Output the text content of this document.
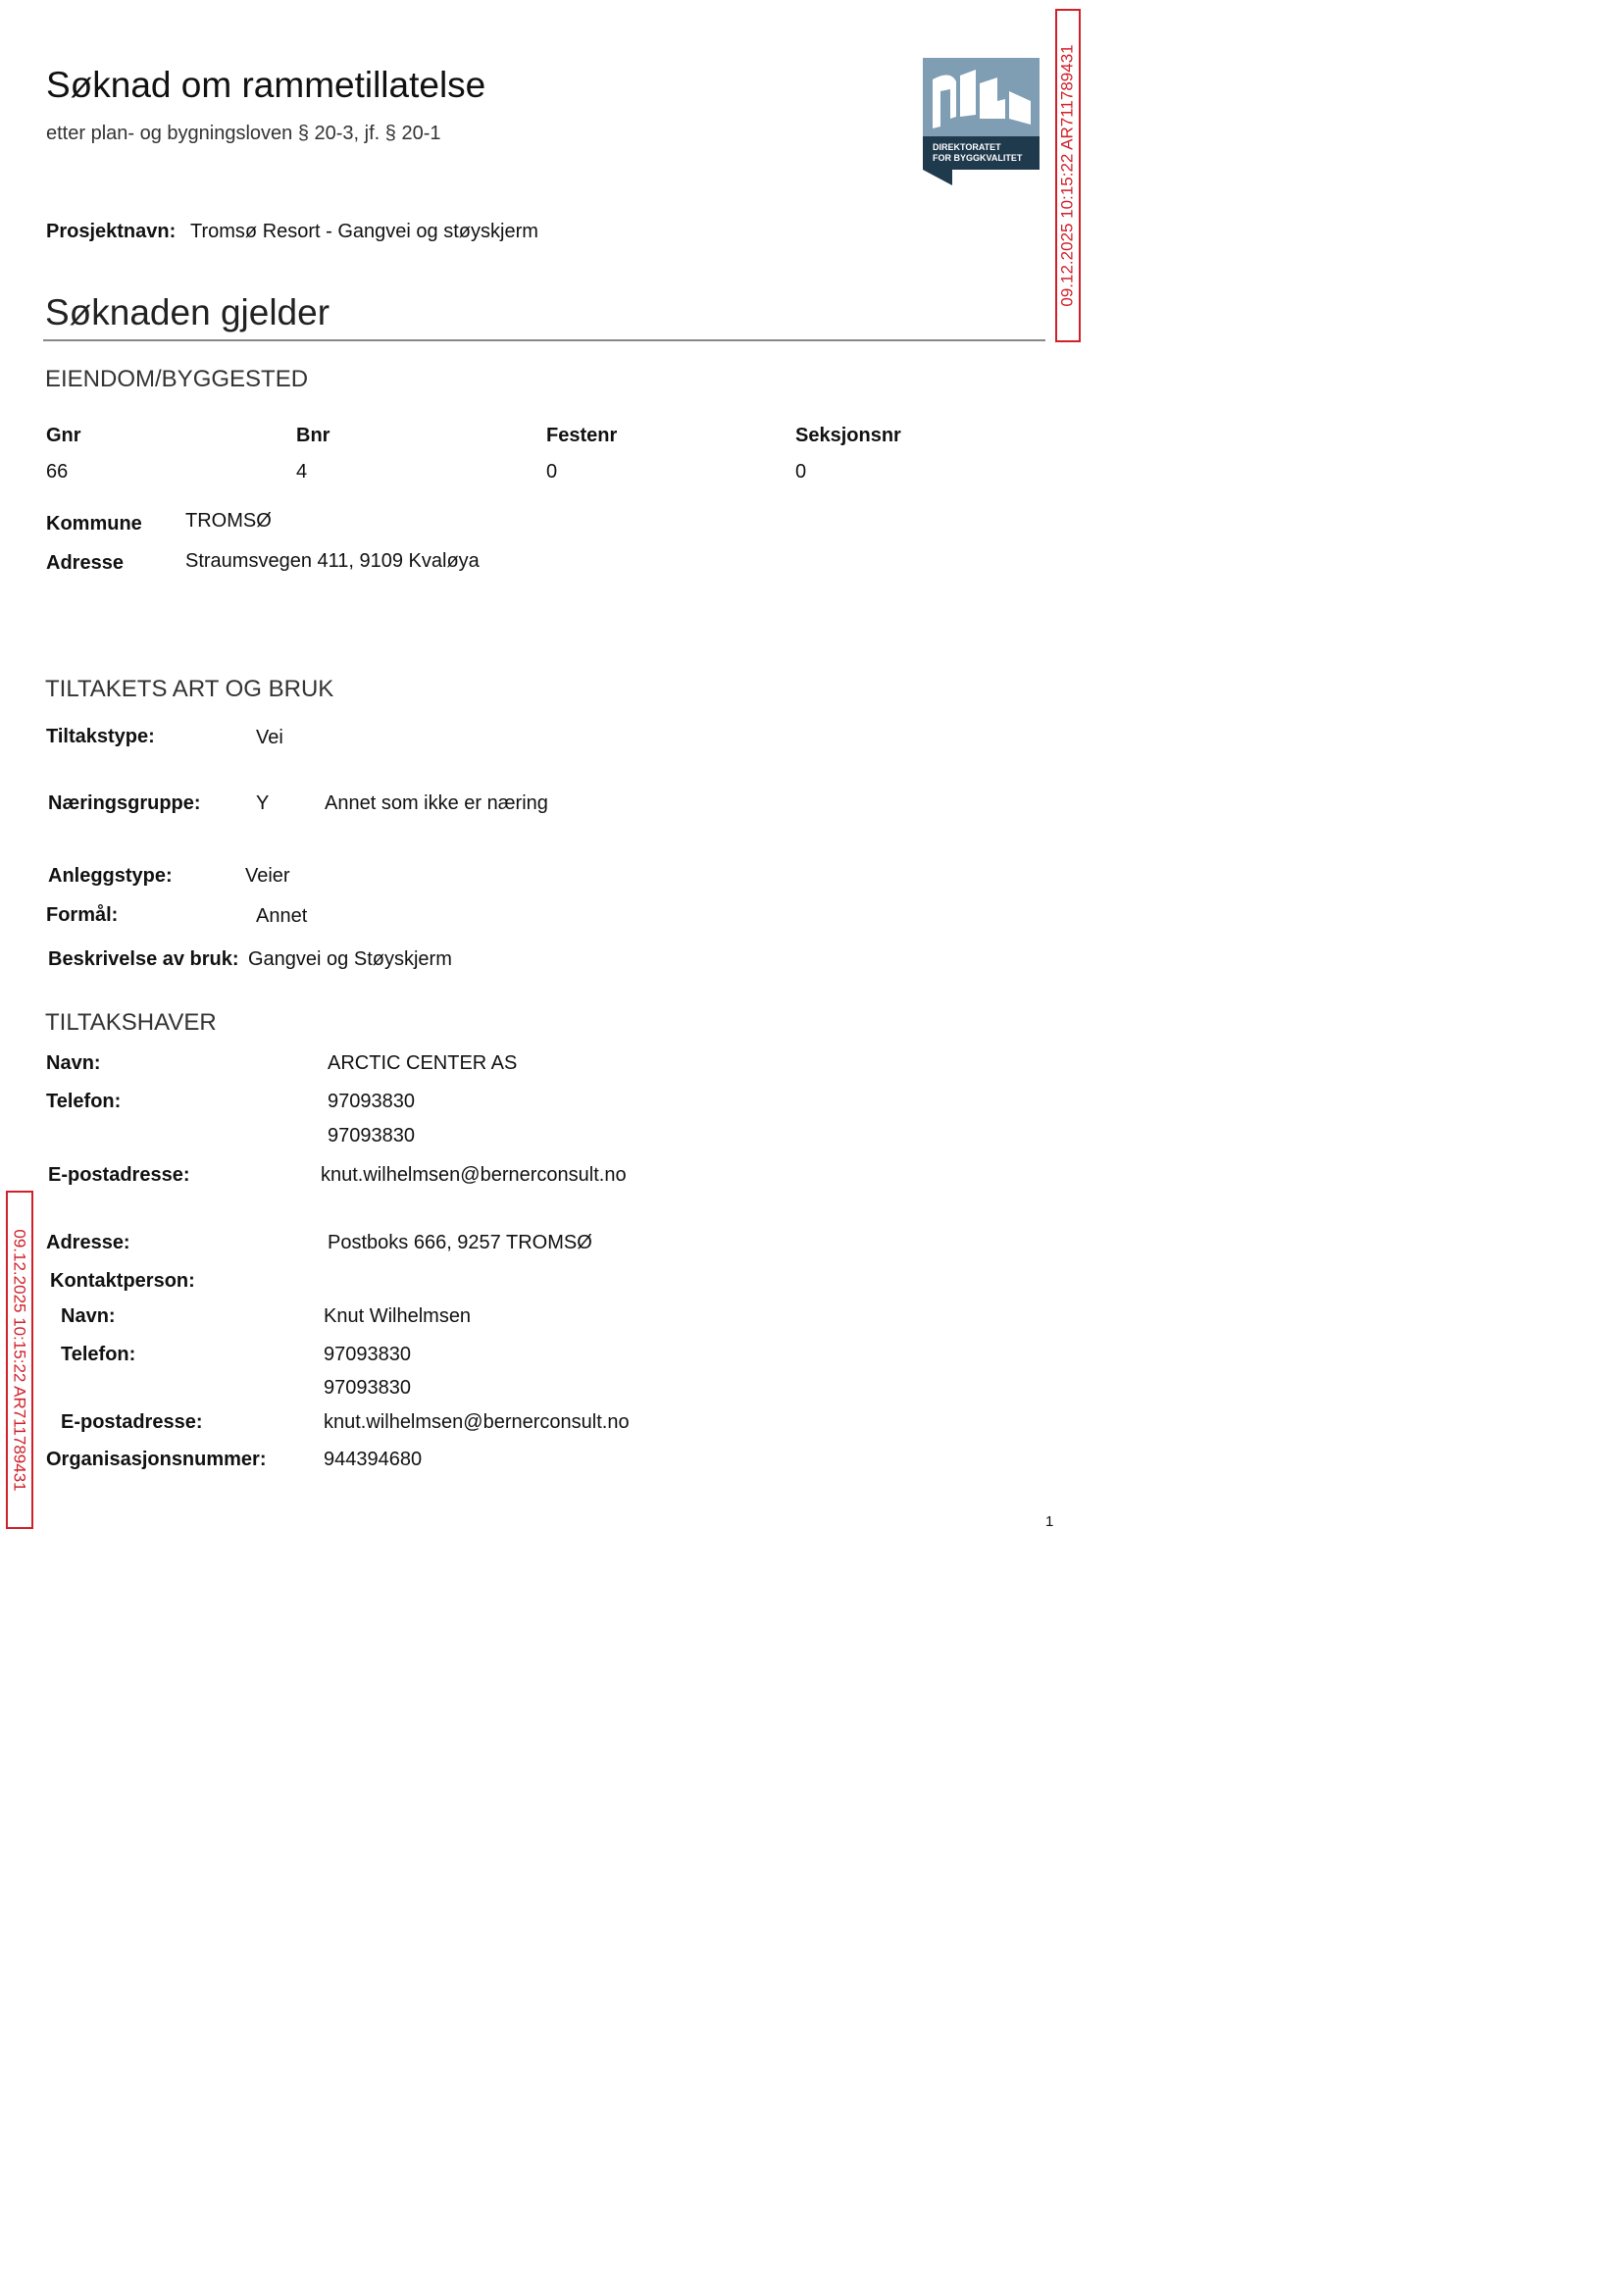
Søknad om rammetillatelse
etter plan- og bygningsloven § 20-3, jf. § 20-1
DIREKTORATET
FOR BYGGKVALITET 09.12.2025 10:15:22 AR711789431
Prosjektnavn: Tromsø Resort - Gangvei og støyskjerm
Søknaden gjelder
EIENDOM/BYGGESTED
Gnr	Bnr	Festenr	Seksjonsnr
66	4	0	0
Kommune TROMSØ
Adresse	Straumsvegen 411, 9109 Kvaløya
TILTAKETS ART OG BRUK
Tiltakstype:	Vei
Næringsgruppe:	Y	Annet som ikke er næring
Anleggstype:	Veier
Formål:	Annet
Beskrivelse av bruk: Gangvei og Støyskjerm
TILTAKSHAVER
Navn:	ARCTIC CENTER AS
Telefon:	97093830
97093830
E-postadresse:	knut.wilhelmsen@bernerconsult.no
09.12.2025 10:15:22 AR711789431 Adresse:	Postboks 666, 9257 TROMSØ
Kontaktperson:
Navn:	Knut Wilhelmsen
Telefon:	97093830
97093830
E-postadresse:	knut.wilhelmsen@bernerconsult.no
Organisasjonsnummer:	944394680
1
